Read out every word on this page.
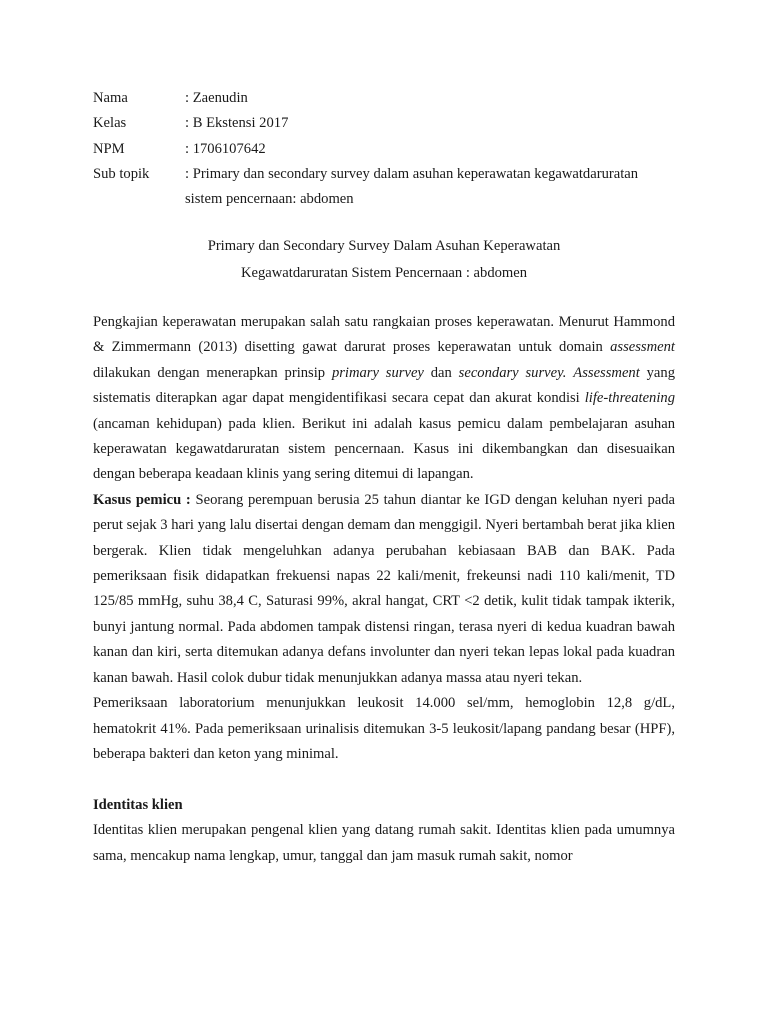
Nama	: Zaenudin
Kelas	: B Ekstensi 2017
NPM	: 1706107642
Sub topik	: Primary dan secondary survey dalam asuhan keperawatan kegawatdaruratan
sistem pencernaan: abdomen
Primary dan Secondary Survey Dalam Asuhan Keperawatan
Kegawatdaruratan Sistem Pencernaan : abdomen

Pengkajian keperawatan merupakan salah satu rangkaian proses keperawatan. Menurut Hammond & Zimmermann (2013) disetting gawat darurat proses keperawatan untuk domain assessment dilakukan dengan menerapkan prinsip primary survey dan secondary survey. Assessment yang sistematis diterapkan agar dapat mengidentifikasi secara cepat dan akurat kondisi life-threatening (ancaman kehidupan) pada klien. Berikut ini adalah kasus pemicu dalam pembelajaran asuhan keperawatan kegawatdaruratan sistem pencernaan. Kasus ini dikembangkan dan disesuaikan dengan beberapa keadaan klinis yang sering ditemui di lapangan.

Kasus pemicu : Seorang perempuan berusia 25 tahun diantar ke IGD dengan keluhan nyeri pada perut sejak 3 hari yang lalu disertai dengan demam dan menggigil. Nyeri bertambah berat jika klien bergerak. Klien tidak mengeluhkan adanya perubahan kebiasaan BAB dan BAK. Pada pemeriksaan fisik didapatkan frekuensi napas 22 kali/menit, frekeunsi nadi 110 kali/menit, TD 125/85 mmHg, suhu 38,4 C, Saturasi 99%, akral hangat, CRT <2 detik, kulit tidak tampak ikterik, bunyi jantung normal. Pada abdomen tampak distensi ringan, terasa nyeri di kedua kuadran bawah kanan dan kiri, serta ditemukan adanya defans involunter dan nyeri tekan lepas lokal pada kuadran kanan bawah. Hasil colok dubur tidak menunjukkan adanya massa atau nyeri tekan.

Pemeriksaan laboratorium menunjukkan leukosit 14.000 sel/mm, hemoglobin 12,8 g/dL, hematokrit 41%. Pada pemeriksaan urinalisis ditemukan 3-5 leukosit/lapang pandang besar (HPF), beberapa bakteri dan keton yang minimal.

Identitas klien

Identitas klien merupakan pengenal klien yang datang rumah sakit. Identitas klien pada umumnya sama, mencakup nama lengkap, umur, tanggal dan jam masuk rumah sakit, nomor
